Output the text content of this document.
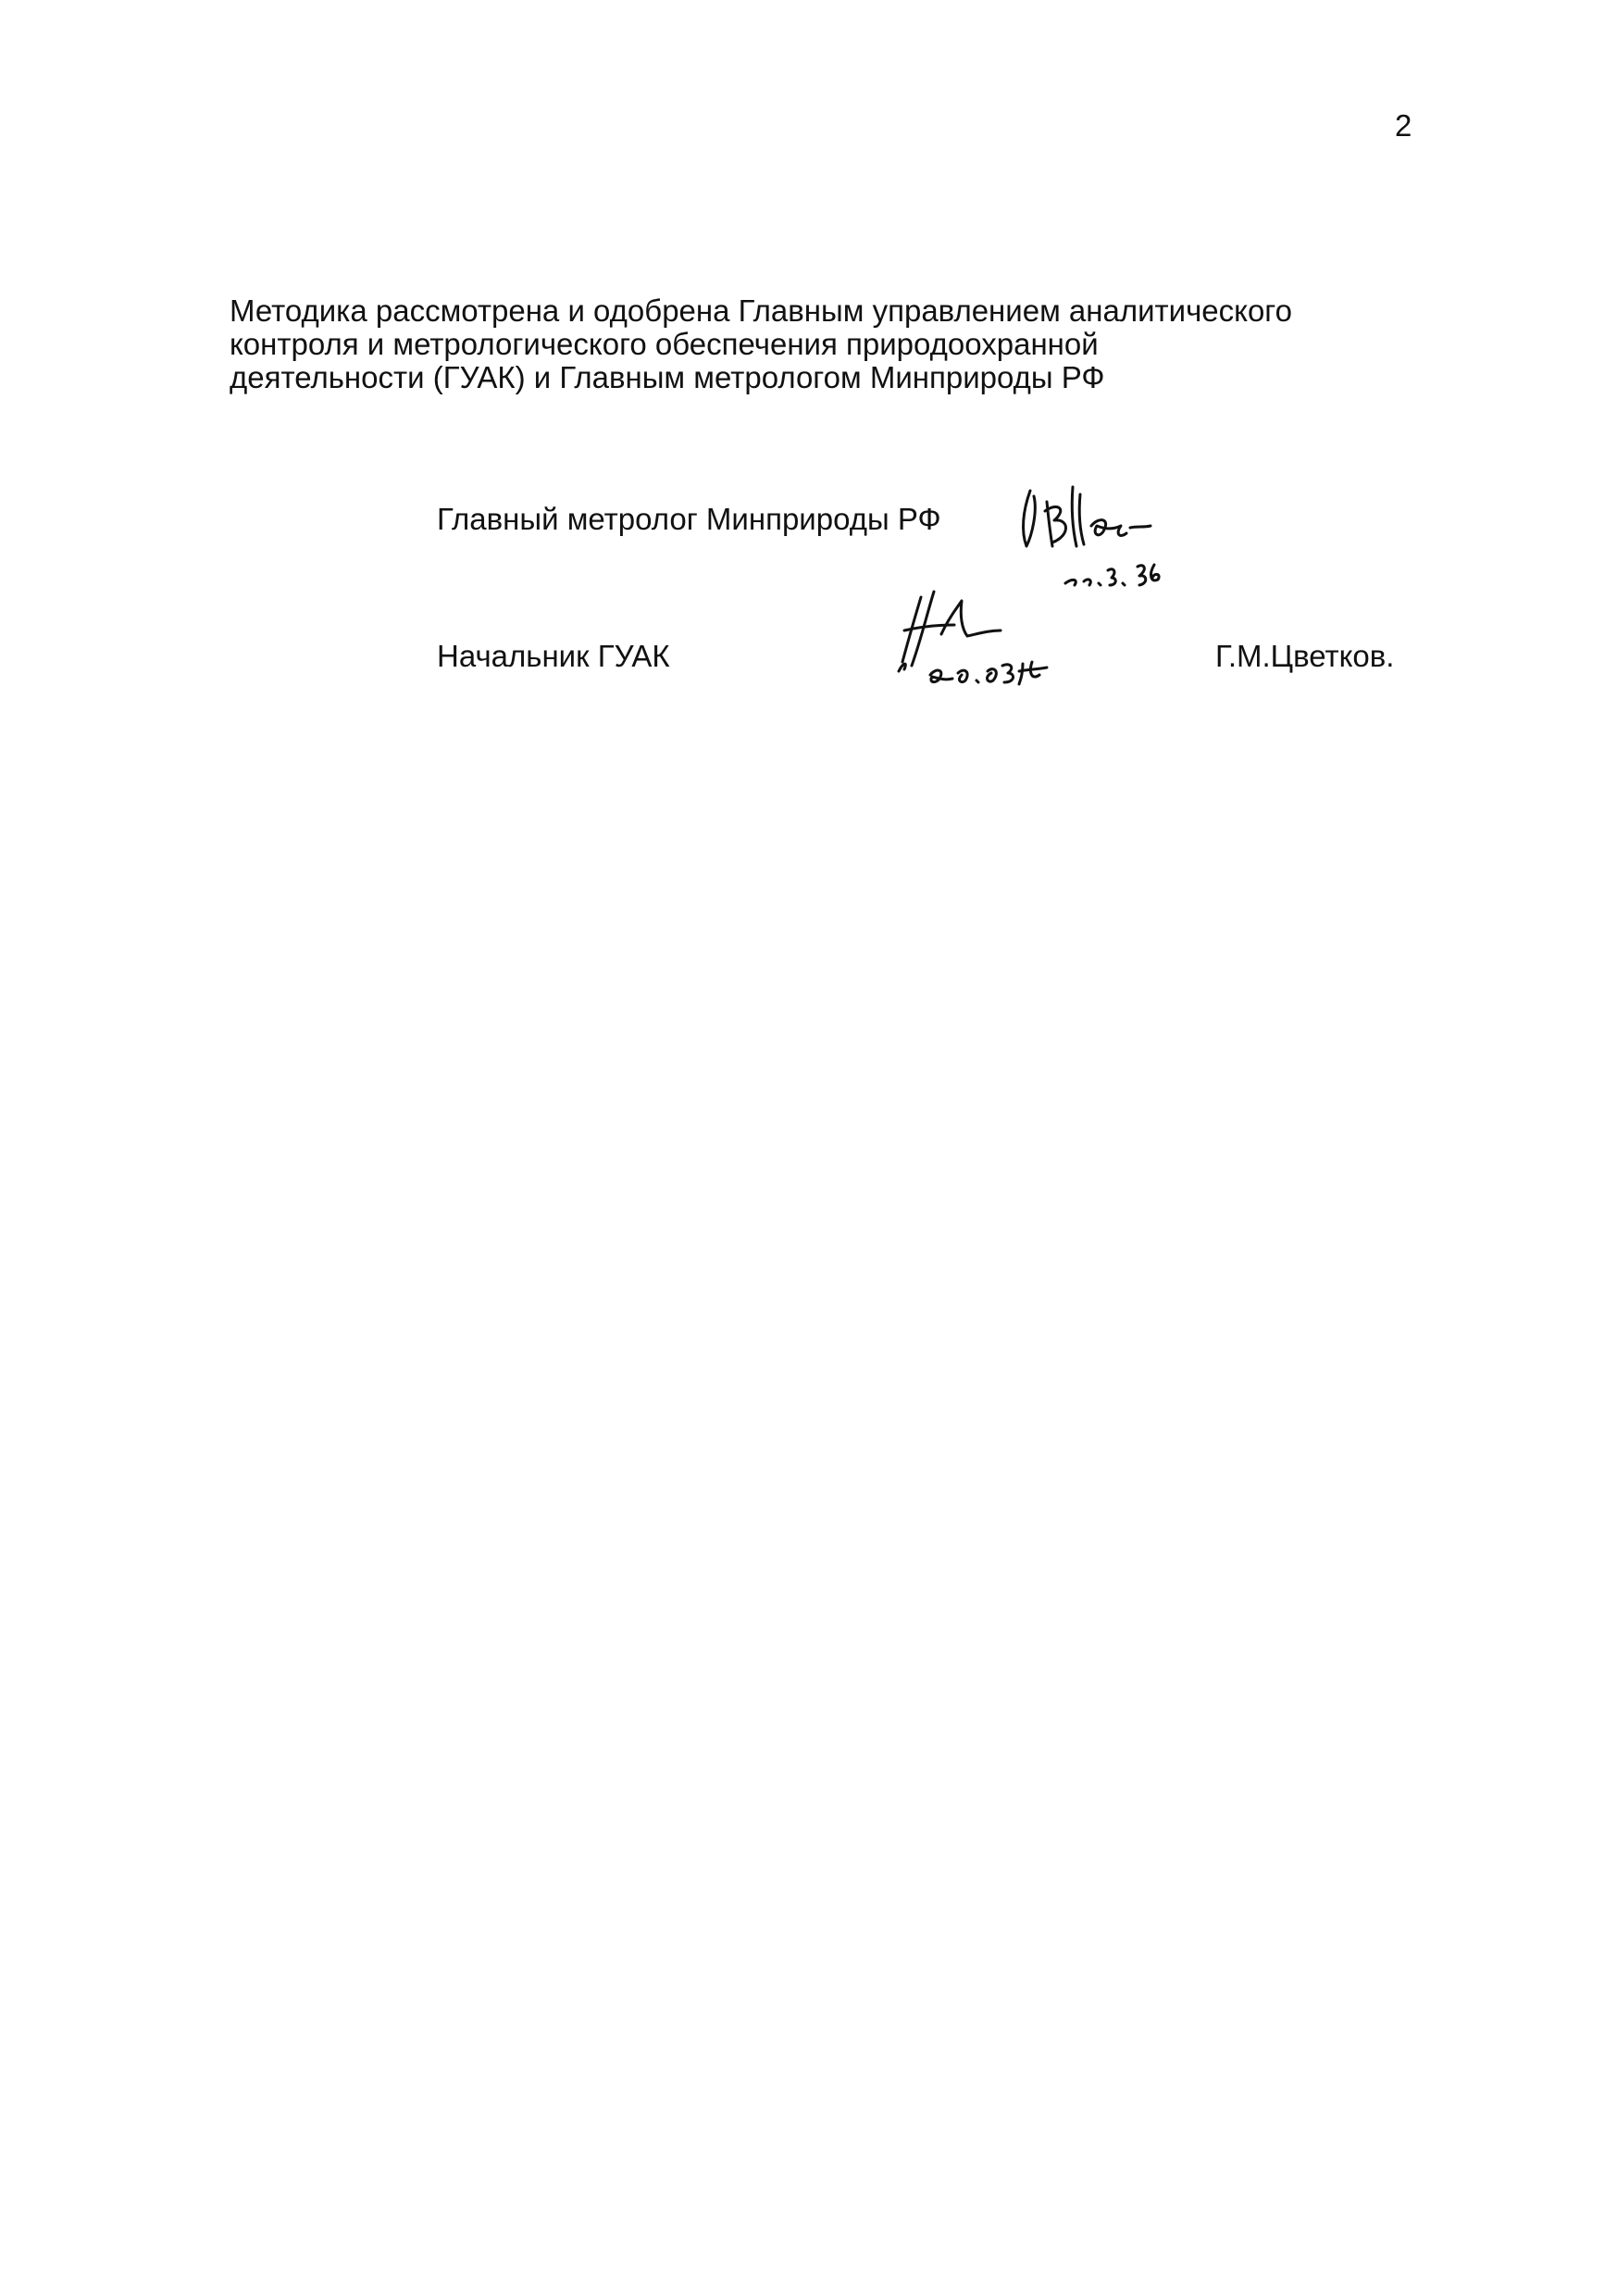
2
Методика рассмотрена и одобрена Главным управлением аналитического
контроля и метрологического обеспечения природоохранной
деятельности (ГУАК) и Главным метрологом Минприроды РФ
Главный метролог Минприроды РФ
Начальник ГУАК	Г.М.Цветков.
